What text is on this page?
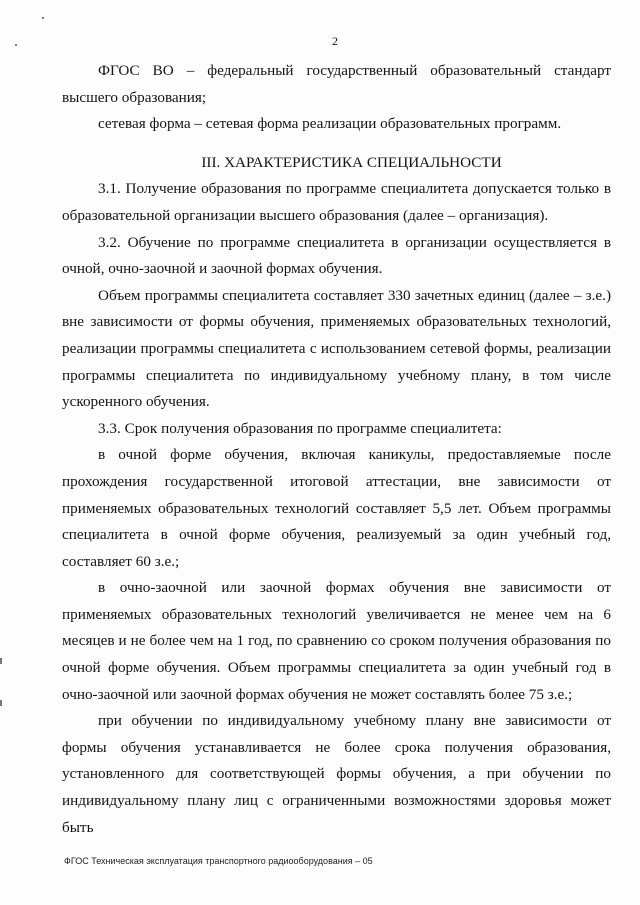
2

ФГОС ВО – федеральный государственный образовательный стандарт высшего образования;

сетевая форма – сетевая форма реализации образовательных программ.

III. ХАРАКТЕРИСТИКА СПЕЦИАЛЬНОСТИ

3.1. Получение образования по программе специалитета допускается только в образовательной организации высшего образования (далее – организация).

3.2. Обучение по программе специалитета в организации осуществляется в очной, очно-заочной и заочной формах обучения.

Объем программы специалитета составляет 330 зачетных единиц (далее – з.е.) вне зависимости от формы обучения, применяемых образовательных технологий, реализации программы специалитета с использованием сетевой формы, реализации программы специалитета по индивидуальному учебному плану, в том числе ускоренного обучения.

3.3. Срок получения образования по программе специалитета:

в очной форме обучения, включая каникулы, предоставляемые после прохождения государственной итоговой аттестации, вне зависимости от применяемых образовательных технологий составляет 5,5 лет. Объем программы специалитета в очной форме обучения, реализуемый за один учебный год, составляет 60 з.е.;

в очно-заочной или заочной формах обучения вне зависимости от применяемых образовательных технологий увеличивается не менее чем на 6 месяцев и не более чем на 1 год, по сравнению со сроком получения образования по очной форме обучения. Объем программы специалитета за один учебный год в очно-заочной или заочной формах обучения не может составлять более 75 з.е.;

при обучении по индивидуальному учебному плану вне зависимости от формы обучения устанавливается не более срока получения образования, установленного для соответствующей формы обучения, а при обучении по индивидуальному плану лиц с ограниченными возможностями здоровья может быть

ФГОС Техническая эксплуатация транспортного радиооборудования – 05
